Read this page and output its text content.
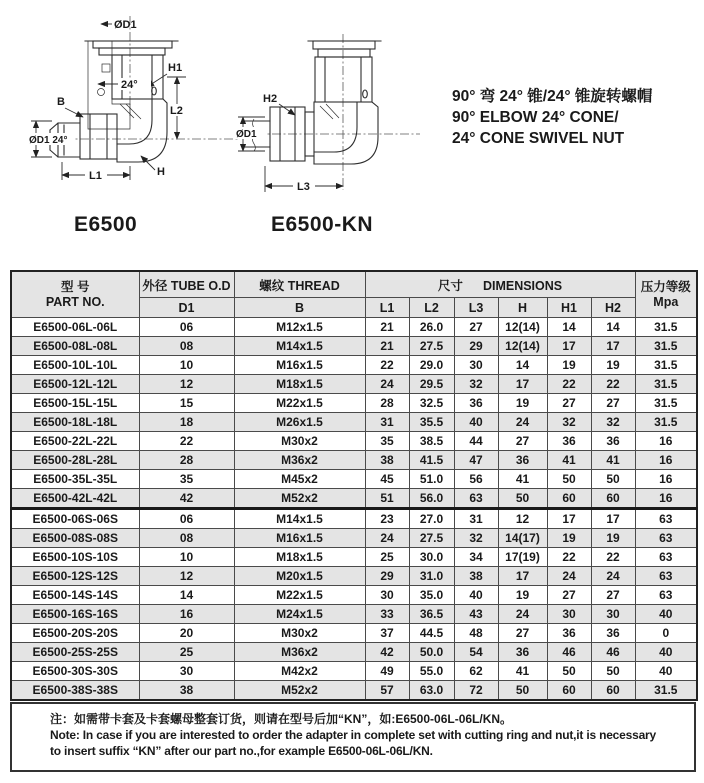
ØD1
H1
24°
L2
B
ØD1 24°
L1	H
H2
ØD1
L3
E6500	E6500-KN
90° 弯 24° 锥/24° 锥旋转螺帽
90° ELBOW 24° CONE/
24° CONE SWIVEL NUT
型 号
PART NO.
	外径 TUBE O.D	螺纹 THREAD	尺寸 DIMENSIONS	压力等级
Mpa

	D1	B	L1	L2	L3	H	H1	H2	
E6500-06L-06L	06	M12x1.5	21	26.0	27	12(14)	14	14	31.5
E6500-08L-08L	08	M14x1.5	21	27.5	29	12(14)	17	17	31.5
E6500-10L-10L	10	M16x1.5	22	29.0	30	14	19	19	31.5
E6500-12L-12L	12	M18x1.5	24	29.5	32	17	22	22	31.5
E6500-15L-15L	15	M22x1.5	28	32.5	36	19	27	27	31.5
E6500-18L-18L	18	M26x1.5	31	35.5	40	24	32	32	31.5
E6500-22L-22L	22	M30x2	35	38.5	44	27	36	36	16
E6500-28L-28L	28	M36x2	38	41.5	47	36	41	41	16
E6500-35L-35L	35	M45x2	45	51.0	56	41	50	50	16
E6500-42L-42L	42	M52x2	51	56.0	63	50	60	60	16
E6500-06S-06S	06	M14x1.5	23	27.0	31	12	17	17	63
E6500-08S-08S	08	M16x1.5	24	27.5	32	14(17)	19	19	63
E6500-10S-10S	10	M18x1.5	25	30.0	34	17(19)	22	22	63
E6500-12S-12S	12	M20x1.5	29	31.0	38	17	24	24	63
E6500-14S-14S	14	M22x1.5	30	35.0	40	19	27	27	63
E6500-16S-16S	16	M24x1.5	33	36.5	43	24	30	30	40
E6500-20S-20S	20	M30x2	37	44.5	48	27	36	36	0
E6500-25S-25S	25	M36x2	42	50.0	54	36	46	46	40
E6500-30S-30S	30	M42x2	49	55.0	62	41	50	50	40
E6500-38S-38S	38	M52x2	57	63.0	72	50	60	60	31.5
注：如需带卡套及卡套螺母整套订货，则请在型号后加“KN”，如:E6500-06L-06L/KN。
Note: In case if you are interested to order the adapter in complete set with cutting ring and nut,it is necessary to insert suffix “KN” after our part no.,for example E6500-06L-06L/KN.
